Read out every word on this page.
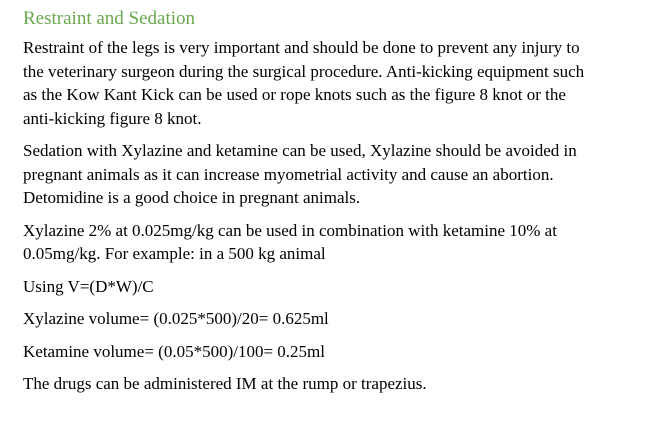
Restraint and Sedation

Restraint of the legs is very important and should be done to prevent any injury to
the veterinary surgeon during the surgical procedure. Anti-kicking equipment such
as the Kow Kant Kick can be used or rope knots such as the figure 8 knot or the
anti-kicking figure 8 knot.

Sedation with Xylazine and ketamine can be used, Xylazine should be avoided in
pregnant animals as it can increase myometrial activity and cause an abortion.
Detomidine is a good choice in pregnant animals.

Xylazine 2% at 0.025mg/kg can be used in combination with ketamine 10% at
0.05mg/kg. For example: in a 500 kg animal

Using V=(D*W)/C

Xylazine volume= (0.025*500)/20= 0.625ml

Ketamine volume= (0.05*500)/100= 0.25ml

The drugs can be administered IM at the rump or trapezius.
